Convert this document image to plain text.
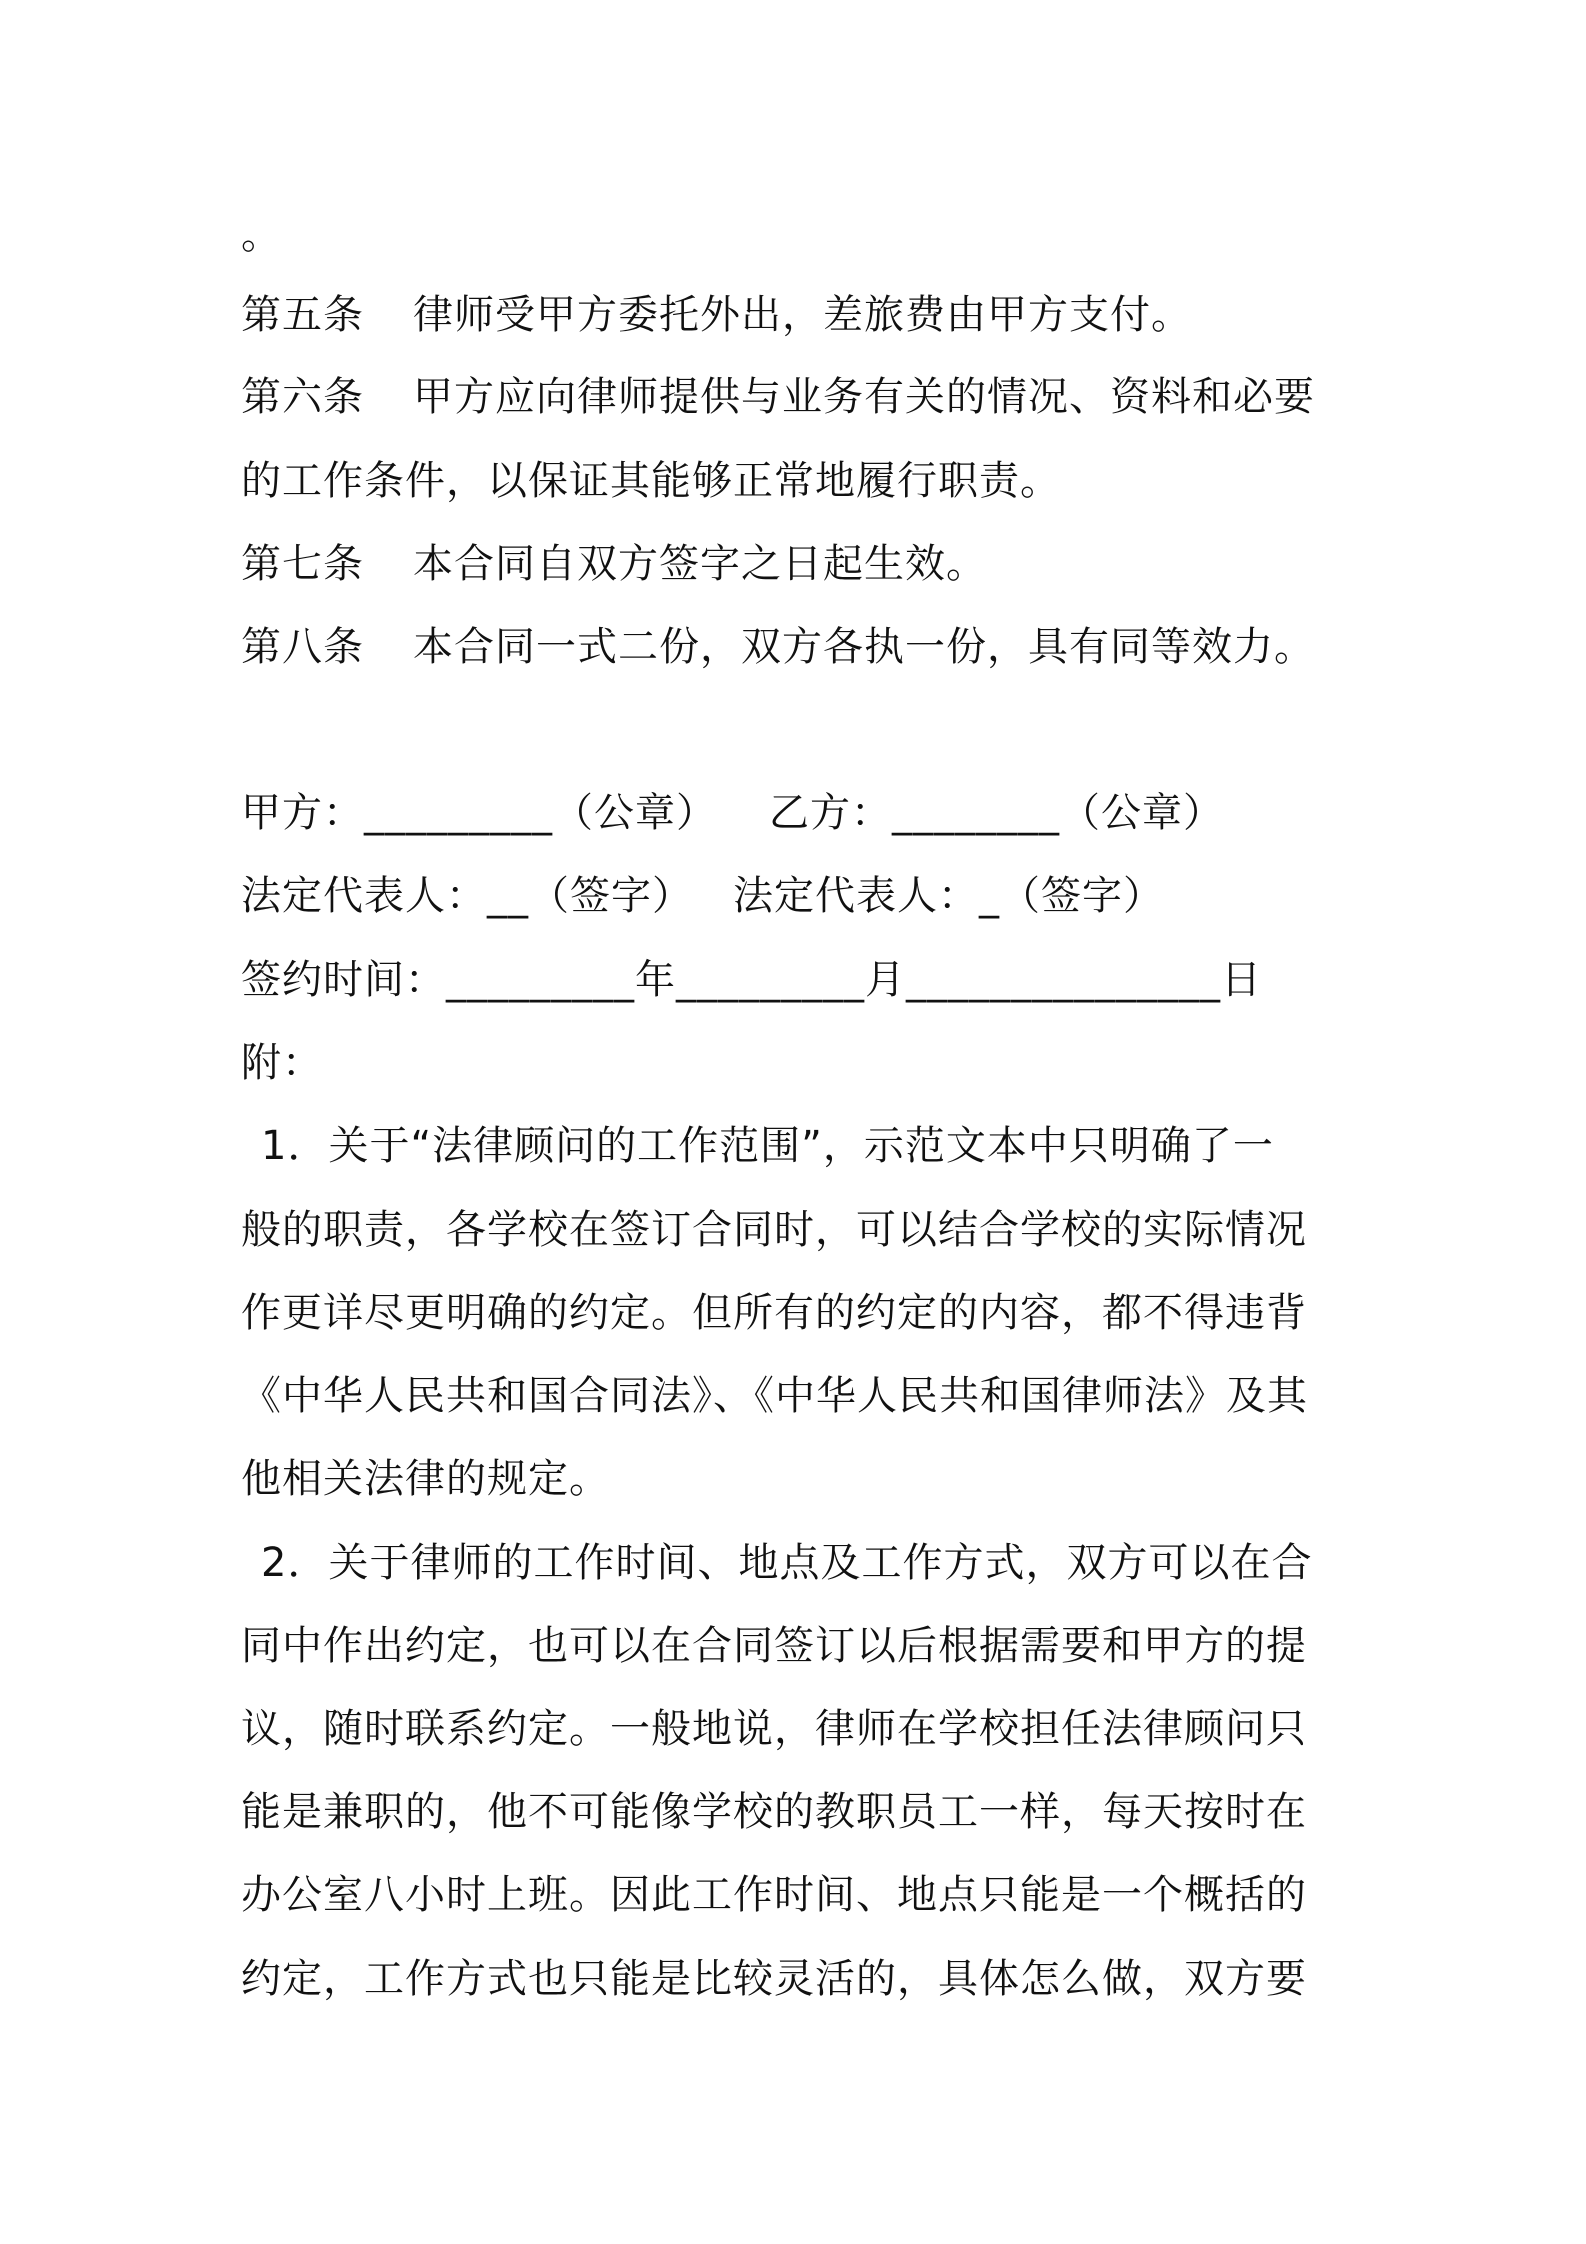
。
第五条 律师受甲方委托外出，差旅费由甲方支付。
第六条 甲方应向律师提供与业务有关的情况、资料和必要
的工作条件，以保证其能够正常地履行职责。
第七条 本合同自双方签字之日起生效。
第八条 本合同一式二份，双方各执一份，具有同等效力。
甲方：_________（公章） 乙方：________（公章）
法定代表人：__（签字） 法定代表人：_（签字）
签约时间：_________年_________月_______________日
附：
1．关于“法律顾问的工作范围”，示范文本中只明确了一
般的职责，各学校在签订合同时，可以结合学校的实际情况
作更详尽更明确的约定。但所有的约定的内容，都不得违背
《中华人民共和国合同法》、《中华人民共和国律师法》及其
他相关法律的规定。
2．关于律师的工作时间、地点及工作方式，双方可以在合
同中作出约定，也可以在合同签订以后根据需要和甲方的提
议，随时联系约定。一般地说，律师在学校担任法律顾问只
能是兼职的，他不可能像学校的教职员工一样，每天按时在
办公室八小时上班。因此工作时间、地点只能是一个概括的
约定，工作方式也只能是比较灵活的，具体怎么做，双方要
